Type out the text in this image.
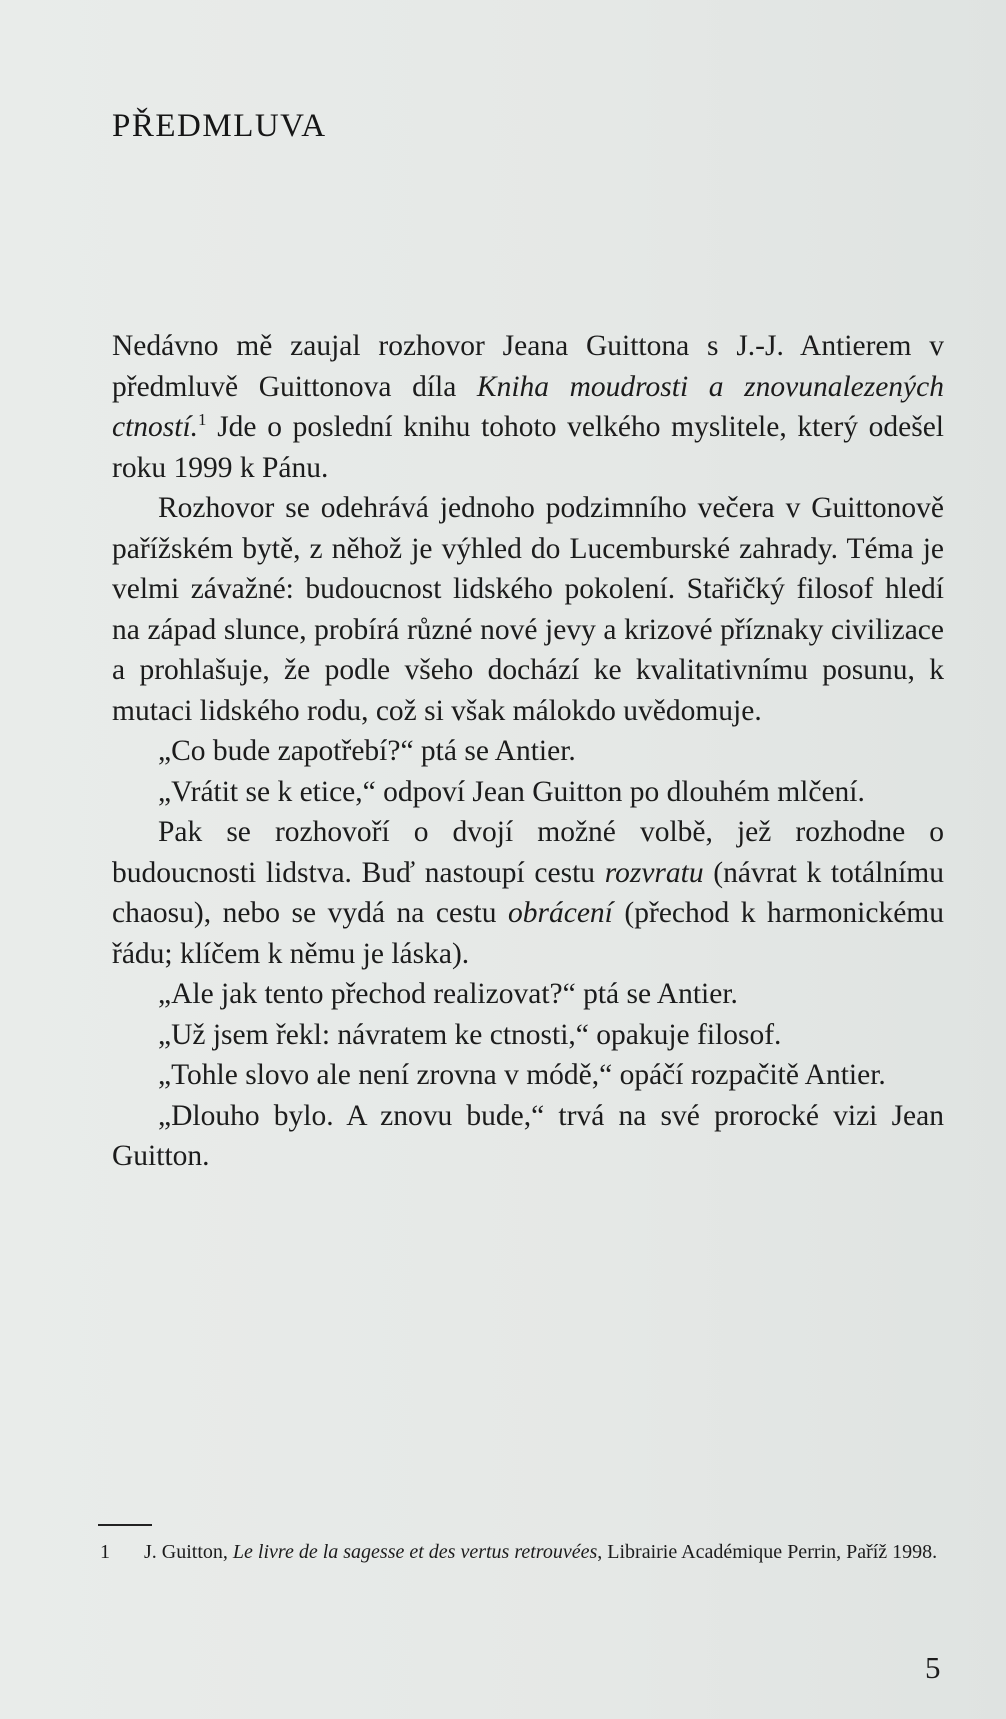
PŘEDMLUVA

Nedávno mě zaujal rozhovor Jeana Guittona s J.-J. Antierem v předmluvě Guittonova díla Kniha moudrosti a znovunalezených ctností.$^1$ Jde o poslední knihu tohoto velkého myslitele, který odešel roku 1999 k Pánu.

Rozhovor se odehrává jednoho podzimního večera v Guittonově pařížském bytě, z něhož je výhled do Lucemburské zahrady. Téma je velmi závažné: budoucnost lidského pokolení. Stařičký filosof hledí na západ slunce, probírá různé nové jevy a krizové příznaky civilizace a prohlašuje, že podle všeho dochází ke kvalitativnímu posunu, k mutaci lidského rodu, což si však málokdo uvědomuje.

„Co bude zapotřebí?“ ptá se Antier.

„Vrátit se k etice,“ odpoví Jean Guitton po dlouhém mlčení.

Pak se rozhovoří o dvojí možné volbě, jež rozhodne o budoucnosti lidstva. Buď nastoupí cestu rozvratu (návrat k totálnímu chaosu), nebo se vydá na cestu obrácení (přechod k harmonickému řádu; klíčem k němu je láska).

„Ale jak tento přechod realizovat?“ ptá se Antier.

„Už jsem řekl: návratem ke ctnosti,“ opakuje filosof.

„Tohle slovo ale není zrovna v módě,“ opáčí rozpačitě Antier.

„Dlouho bylo. A znovu bude,“ trvá na své prorocké vizi Jean Guitton.

1 J. Guitton, Le livre de la sagesse et des vertus retrouvées, Librairie Académique Perrin, Paříž 1998.
5
